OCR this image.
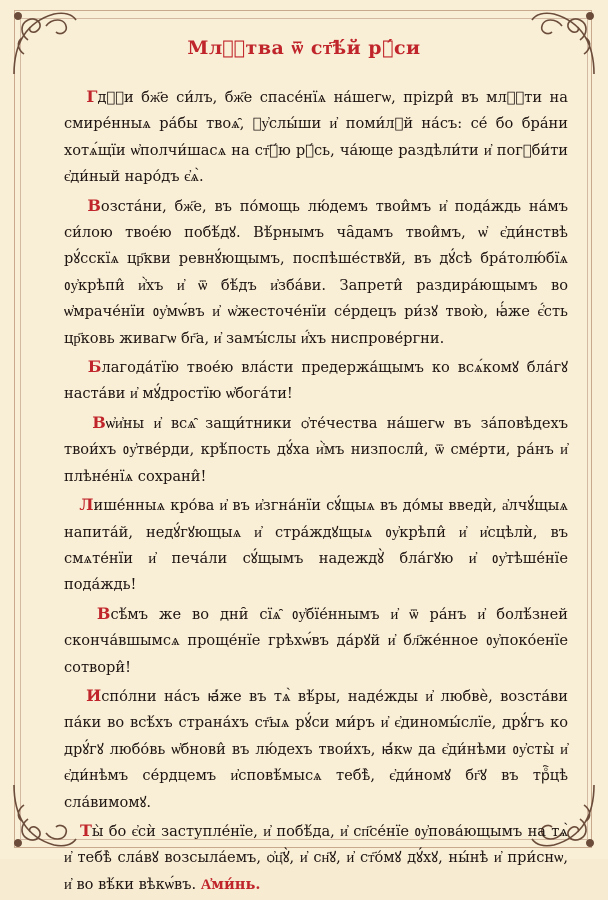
Млⷭ҇тва ѿ ст҃ѣ́й рꙋ́си

Гдⷭ҇и бж҃е си́лъ, бж҃е спасе́нїѧ на́шегѡ, прizри̂ въ млⷭ҇ти на смире́нныѧ ра́бы твоѧ̑, ᲂу҆слы́ши и҆ поми́лꙋй на́съ: се́ бо бра́ни хотѧ́щїи ѡ҆полчи́шасѧ на ст҃ꙋ́ю рꙋ́сь, ча́юще раздѣли́ти и҆ погꙋби́ти є҆ди́ный наро́дъ є҆ѧ̀.

Возста́ни, бж҃е, въ по́мощь лю́демъ твои̂мъ и҆ пода́ждь на́мъ си́лою твое́ю побѣ́дꙋ. Вѣ́рнымъ ча̑дамъ твои̂мъ, ѡ҆ є҆ди́нствѣ рꙋ́сскїѧ цр҃кви ревнꙋ́ющымъ, поспѣше́ствꙋй, въ дꙋ́сѣ бра́толю́бїѧ ᲂу҆крѣпи̂ и҆̀хъ и҆ ѿ бѣ́дъ и҆зба́ви. Запрети̂ раздира́ющымъ во ѡ҆мраче́нїи ᲂу҆мѡ́въ и҆ ѡ҆жесточе́нїи се́рдецъ ри́зꙋ твою̀, ꙗ҆́же є҆́сть цр҃ковь живагѡ бг҃а, и҆ замꙑ́слы и҆́хъ ниспрове́ргни.

Благода́тїю твое́ю вла́сти предержа́щымъ ко всѧ́комꙋ бла́гꙋ наста́ви и҆ мꙋ́дростїю ѡ҆бога́ти!

Вѡ҆и҆ны и҆ всѧ̑ защи́тники ѻ҆те́чества на́шегѡ въ за́повѣдехъ твои́хъ ᲂу҆тве́рди, крѣ́пость дꙋ́ха и҆̀мъ низпосли̂, ѿ сме́рти, ра́нъ и҆ плѣне́нїѧ сохрани̂!

Лише́нныѧ кро́ва и҆ въ и҆згна́нїи сꙋ́щыѧ въ до́мы введѝ, а҆лчꙋ́щыѧ напита́й, недꙋ́гꙋющыѧ и҆ стра́ждꙋщыѧ ᲂу҆крѣпи̂ и҆ и҆сцѣлѝ, въ смѧте́нїи и҆ печа́ли сꙋ́щымъ надеждꙋ̀ бла́гꙋю и҆ ᲂу҆тѣше́нїе пода́ждь!

Всѣ́мъ же во дни̑ сїѧ̑ ᲂу҆бїе́ннымъ и҆ ѿ ра́нъ и҆ болѣ́зней сконча́вшымсѧ проще́нїе грѣхѡ́въ да́рꙋй и҆ бл҃же́нное ᲂу҆поко́енїе сотвори̂!

Испо́лни на́съ ꙗ҆́же въ тѧ̀ вѣ́ры, наде́жды и҆ любвѐ, возста́ви па́ки во всѣ́хъ страна́хъ ст҃ыѧ рꙋ́си ми́ръ и҆ є҆диномы́слїе, дрꙋ́гъ ко дрꙋ́гꙋ любо́вь ѡ҆бнови̂ въ лю́дехъ твои́хъ, ꙗ҆́кѡ да є҆ди́нѣми ᲂу҆сты̀ и҆ є҆ди́нѣмъ се́рдцемъ и҆сповѣ́мысѧ тебѣ̀, є҆ди́номꙋ бг҃ꙋ въ трⷪ҇цѣ сла́вимомꙋ.

Ты̀ бо є҆сѝ заступле́нїе, и҆ побѣ́да, и҆ сп҃се́нїе ᲂу҆пова́ющымъ на тѧ̀ и҆ тебѣ̀ сла́вꙋ возсыла́емъ, ѻ҆ц҃ꙋ̀, и҆ сн҃ꙋ, и҆ ст҃о́мꙋ дꙋ́хꙋ, ны́нѣ и҆ при́снѡ, и҆ во вѣ́ки вѣкѡ́въ. А҆ми́нь.
